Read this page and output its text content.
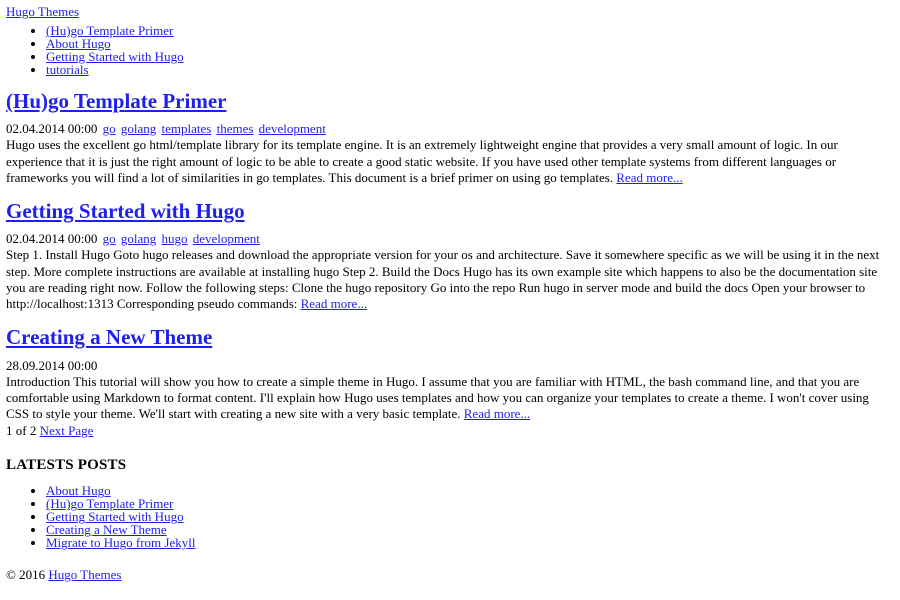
Hugo Themes
• (Hu)go Template Primer
• About Hugo
• Getting Started with Hugo
• tutorials
(Hu)go Template Primer
02.04.2014 00:00 go golang templates themes development

Hugo uses the excellent go html/template library for its template engine. It is an extremely lightweight engine that provides a very small amount of logic. In our experience that it is just the right amount of logic to be able to create a good static website. If you have used other template systems from different languages or frameworks you will find a lot of similarities in go templates. This document is a brief primer on using go templates. Read more...

Getting Started with Hugo
02.04.2014 00:00 go golang hugo development

Step 1. Install Hugo Goto hugo releases and download the appropriate version for your os and architecture. Save it somewhere specific as we will be using it in the next step. More complete instructions are available at installing hugo Step 2. Build the Docs Hugo has its own example site which happens to also be the documentation site you are reading right now. Follow the following steps: Clone the hugo repository Go into the repo Run hugo in server mode and build the docs Open your browser to http://localhost:1313 Corresponding pseudo commands: Read more...

Creating a New Theme
28.09.2014 00:00

Introduction This tutorial will show you how to create a simple theme in Hugo. I assume that you are familiar with HTML, the bash command line, and that you are comfortable using Markdown to format content. I'll explain how Hugo uses templates and how you can organize your templates to create a theme. I won't cover using CSS to style your theme. We'll start with creating a new site with a very basic template. Read more...

1 of 2 Next Page
LATESTS POSTS
• About Hugo
• (Hu)go Template Primer
• Getting Started with Hugo
• Creating a New Theme
• Migrate to Hugo from Jekyll
© 2016 Hugo Themes
